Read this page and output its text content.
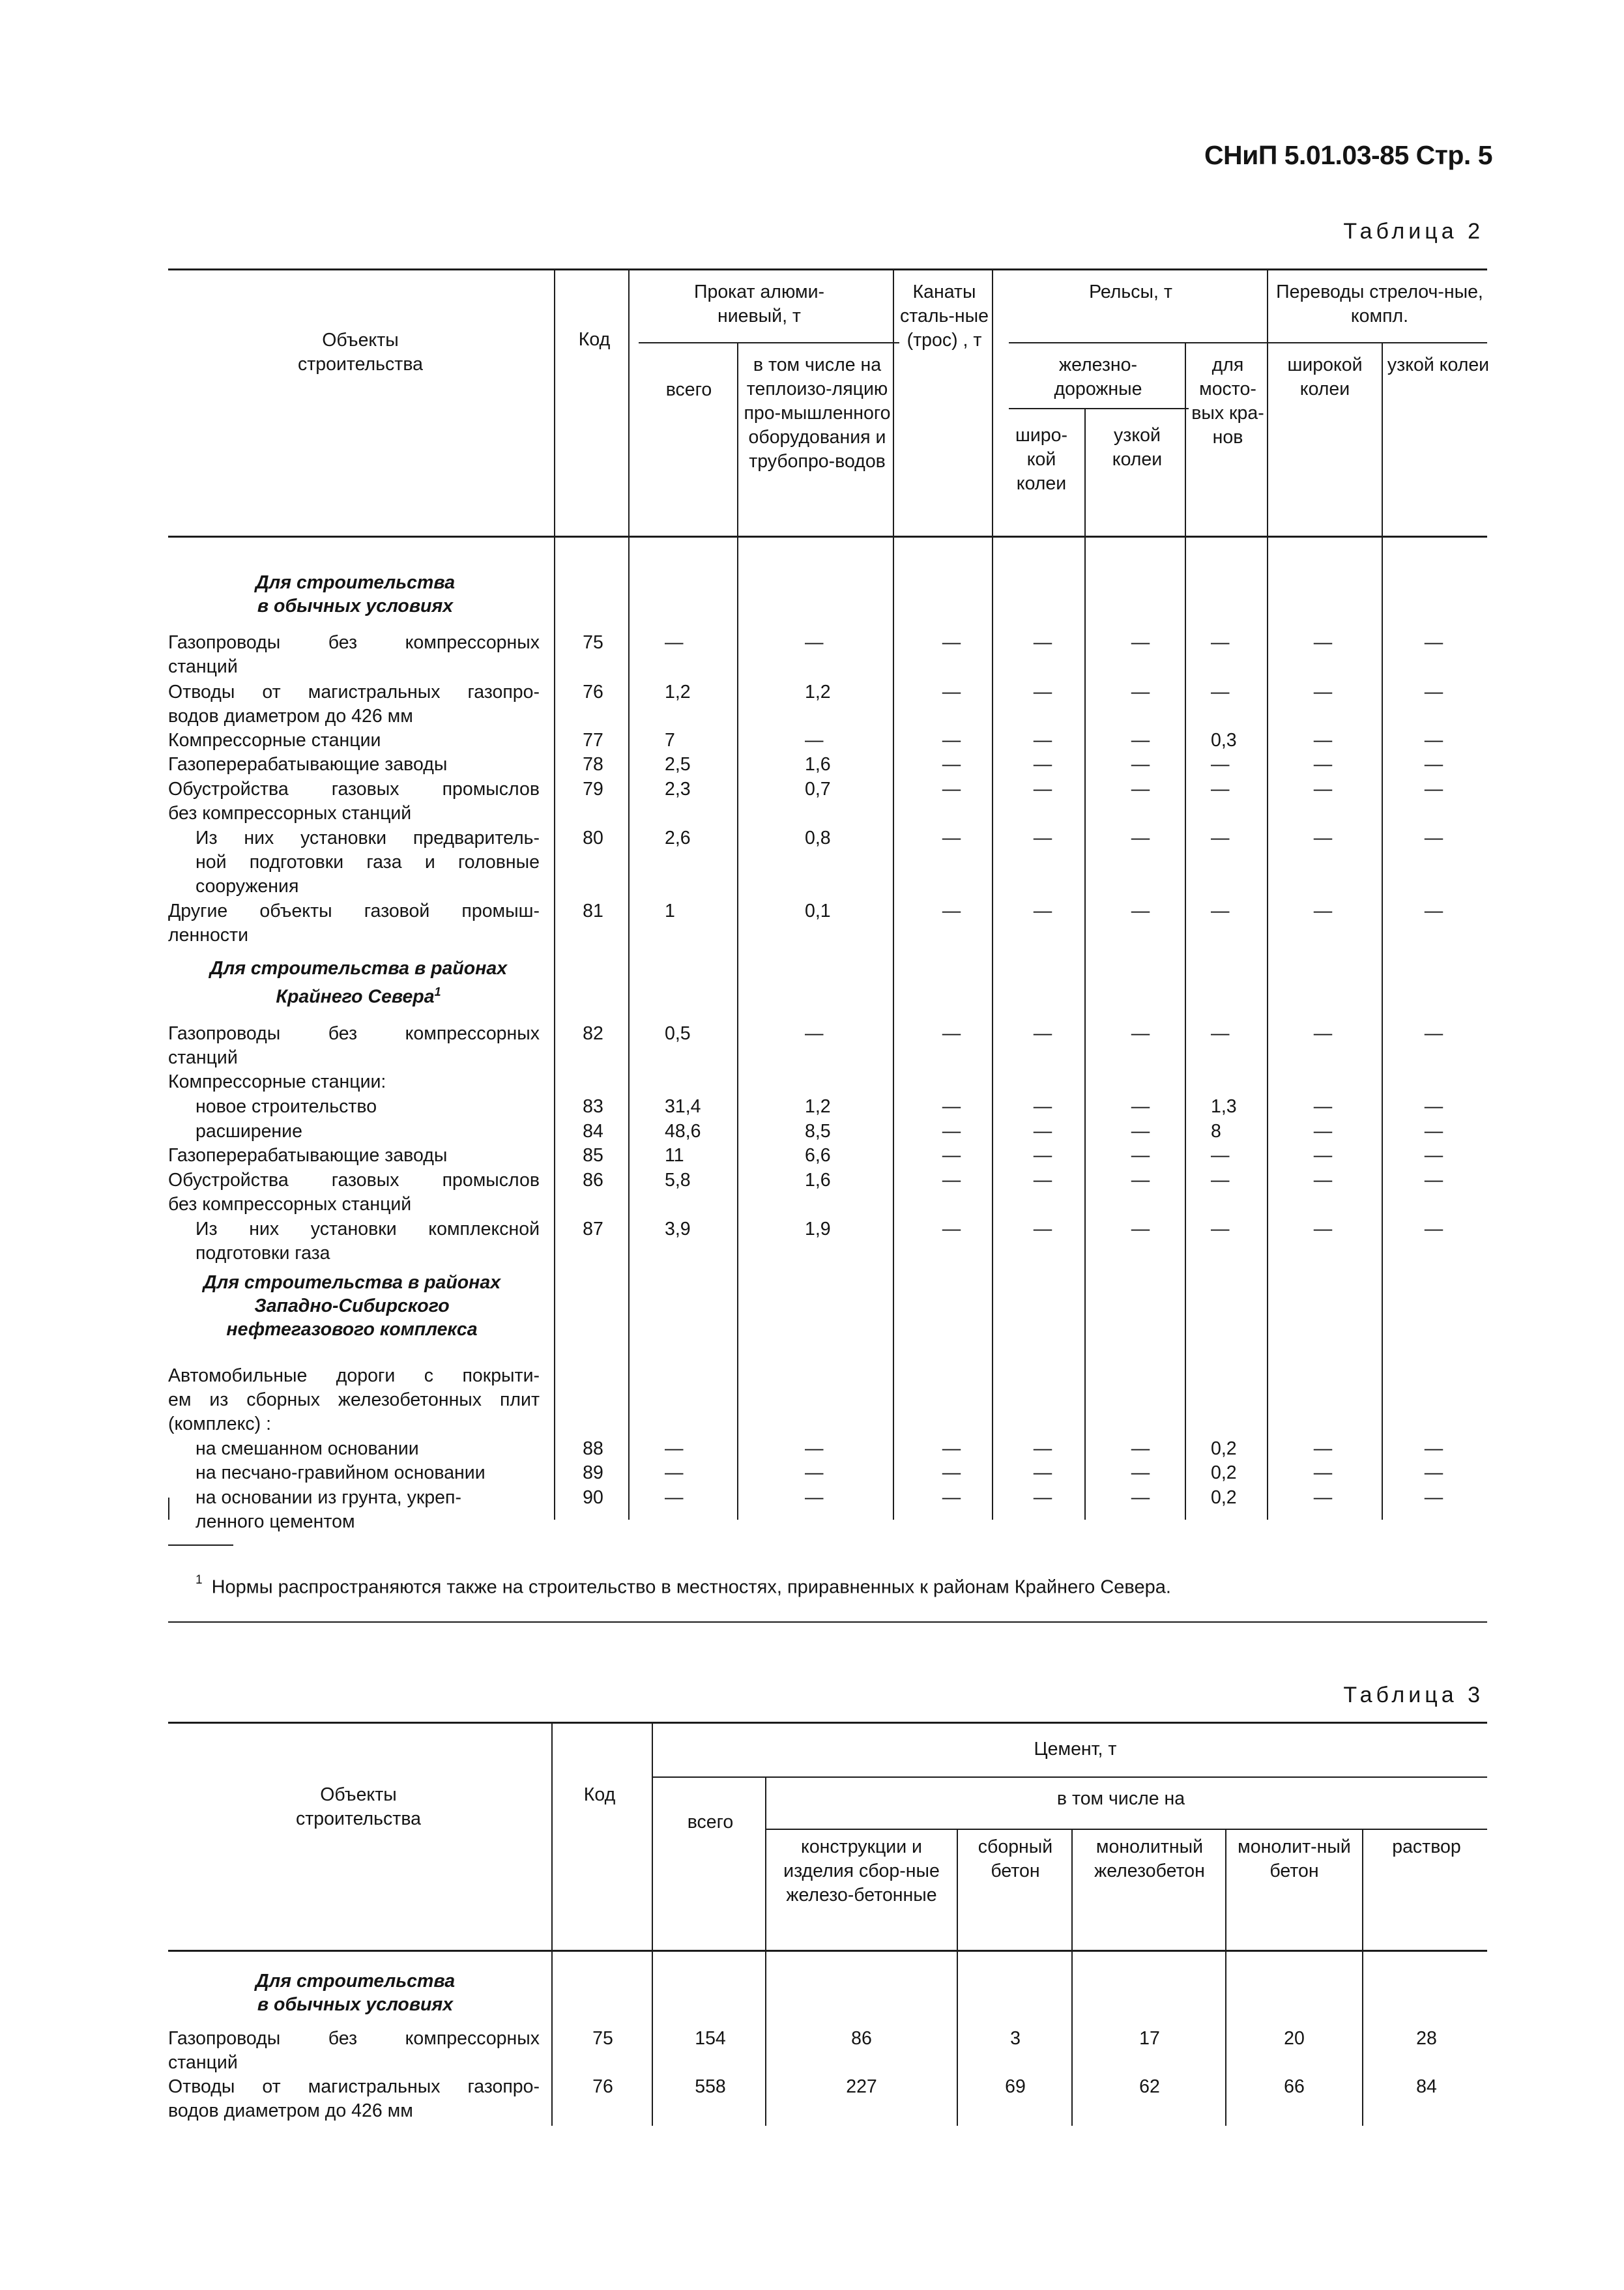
СНиП 5.01.03-85 Стр. 5
Таблица 2
Объекты строительства
Код
Прокат алюми-ниевый, т
всего
в том числе на теплоизо-ляцию про-мышленного оборудования и трубопро-водов
Канаты сталь-ные (трос) , т
Рельсы, т
железно-дорожные
широ-кой колеи
узкой колеи
для мосто-вых кра-нов
Переводы стрелоч-ные, компл.
широкой колеи
узкой колеи
Для строительства в обычных условиях
Для строительства в районах Крайнего Севера$^1$
Для строительства в районах Западно-Сибирского нефтегазового комплекса
Газопроводы без компрессорных
станций
75	—	—	—	—	—	—	—	—
Отводы от магистральных газопро-
водов диаметром до 426 мм
76	1,2	1,2	—	—	—	—	—	—
Компрессорные станции	77	7	—	—	—	—	0,3	—	—
Газоперерабатывающие заводы	78	2,5	1,6	—	—	—	—	—	—
Обустройства газовых промыслов
без компрессорных станций
79	2,3	0,7	—	—	—	—	—	—
Из них установки предваритель-
ной подготовки газа и головные
сооружения
80	2,6	0,8	—	—	—	—	—	—
Другие объекты газовой промыш-
ленности
81	1	0,1	—	—	—	—	—	—
Газопроводы без компрессорных
станций
82	0,5	—	—	—	—	—	—	—
Компрессорные станции:
новое строительство	83	31,4	1,2	—	—	—	1,3	—	—
расширение	84	48,6	8,5	—	—	—	8	—	—
Газоперерабатывающие заводы	85	11	6,6	—	—	—	—	—	—
Обустройства газовых промыслов
без компрессорных станций
86	5,8	1,6	—	—	—	—	—	—
Из них установки комплексной
подготовки газа
87	3,9	1,9	—	—	—	—	—	—
Автомобильные дороги с покрыти-
ем из сборных железобетонных плит
(комплекс) :
на смешанном основании	88	—	—	—	—	—	0,2	—	—
на песчано-гравийном основании	89	—	—	—	—	—	0,2	—	—
на основании из грунта, укреп-
ленного цементом
90	—	—	—	—	—	0,2	—	—
$^1$ Нормы распространяются также на строительство в местностях, приравненных к районам Крайнего Севера.
Таблица 3
Объекты строительства
Код
Цемент, т
всего
в том числе на
конструкции и изделия сбор-ные железо-бетонные
сборный бетон
монолитный железобетон
монолит-ный бетон
раствор
Для строительства в обычных условиях
Газопроводы без компрессорных
станций
75	154	86	3	17	20	28
Отводы от магистральных газопро-
водов диаметром до 426 мм
76	558	227	69	62	66	84
